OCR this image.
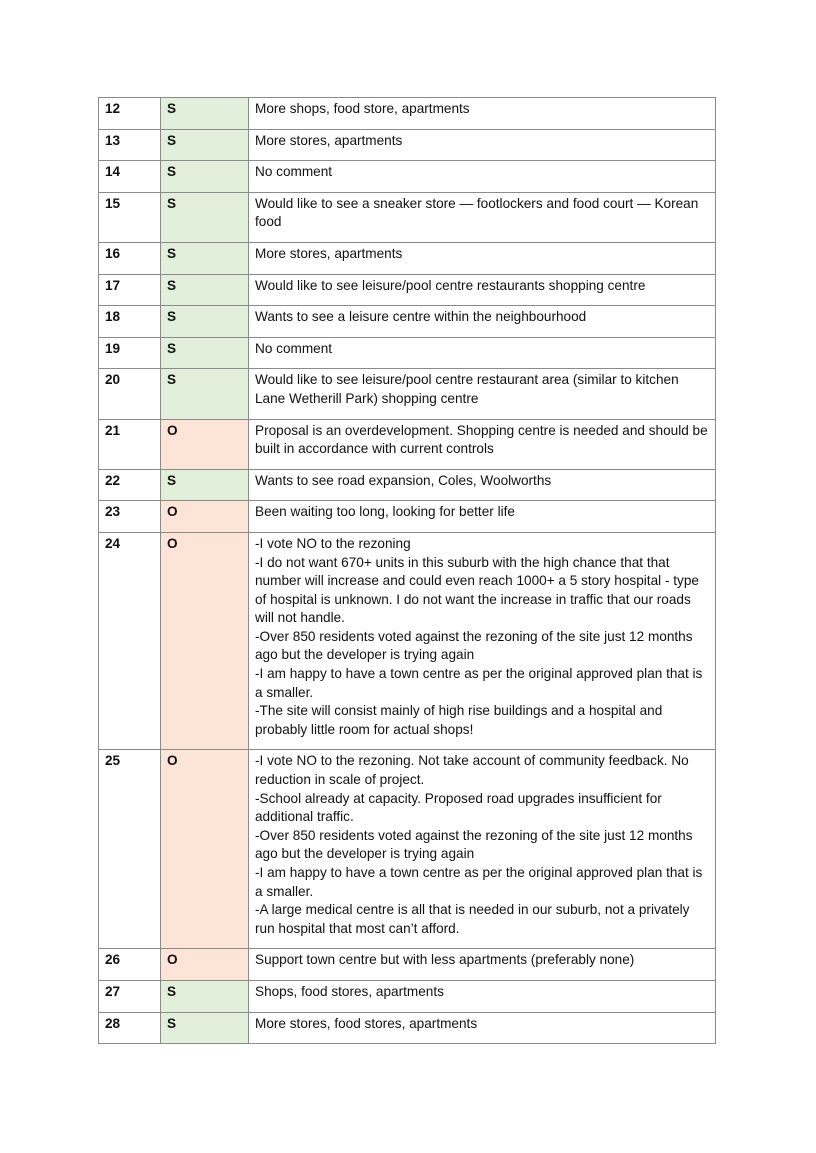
12	S	More shops, food store, apartments

13	S	More stores, apartments

14	S	No comment

15	S	Would like to see a sneaker store — footlockers and food court — Korean food

16	S	More stores, apartments

17	S	Would like to see leisure/pool centre restaurants shopping centre

18	S	Wants to see a leisure centre within the neighbourhood

19	S	No comment

20	S	Would like to see leisure/pool centre restaurant area (similar to kitchen Lane Wetherill Park) shopping centre

21	O	Proposal is an overdevelopment. Shopping centre is needed and should be built in accordance with current controls

22	S	Wants to see road expansion, Coles, Woolworths

23	O	Been waiting too long, looking for better life

24	O	-I vote NO to the rezoning
-I do not want 670+ units in this suburb with the high chance that that number will increase and could even reach 1000+ a 5 story hospital - type of hospital is unknown. I do not want the increase in traffic that our roads will not handle.
-Over 850 residents voted against the rezoning of the site just 12 months ago but the developer is trying again
-I am happy to have a town centre as per the original approved plan that is a smaller.
-The site will consist mainly of high rise buildings and a hospital and probably little room for actual shops!

25	O	-I vote NO to the rezoning. Not take account of community feedback. No reduction in scale of project.
-School already at capacity. Proposed road upgrades insufficient for additional traffic.
-Over 850 residents voted against the rezoning of the site just 12 months ago but the developer is trying again
-I am happy to have a town centre as per the original approved plan that is a smaller.
-A large medical centre is all that is needed in our suburb, not a privately run hospital that most can’t afford.

26	O	Support town centre but with less apartments (preferably none)

27	S	Shops, food stores, apartments

28	S	More stores, food stores, apartments
